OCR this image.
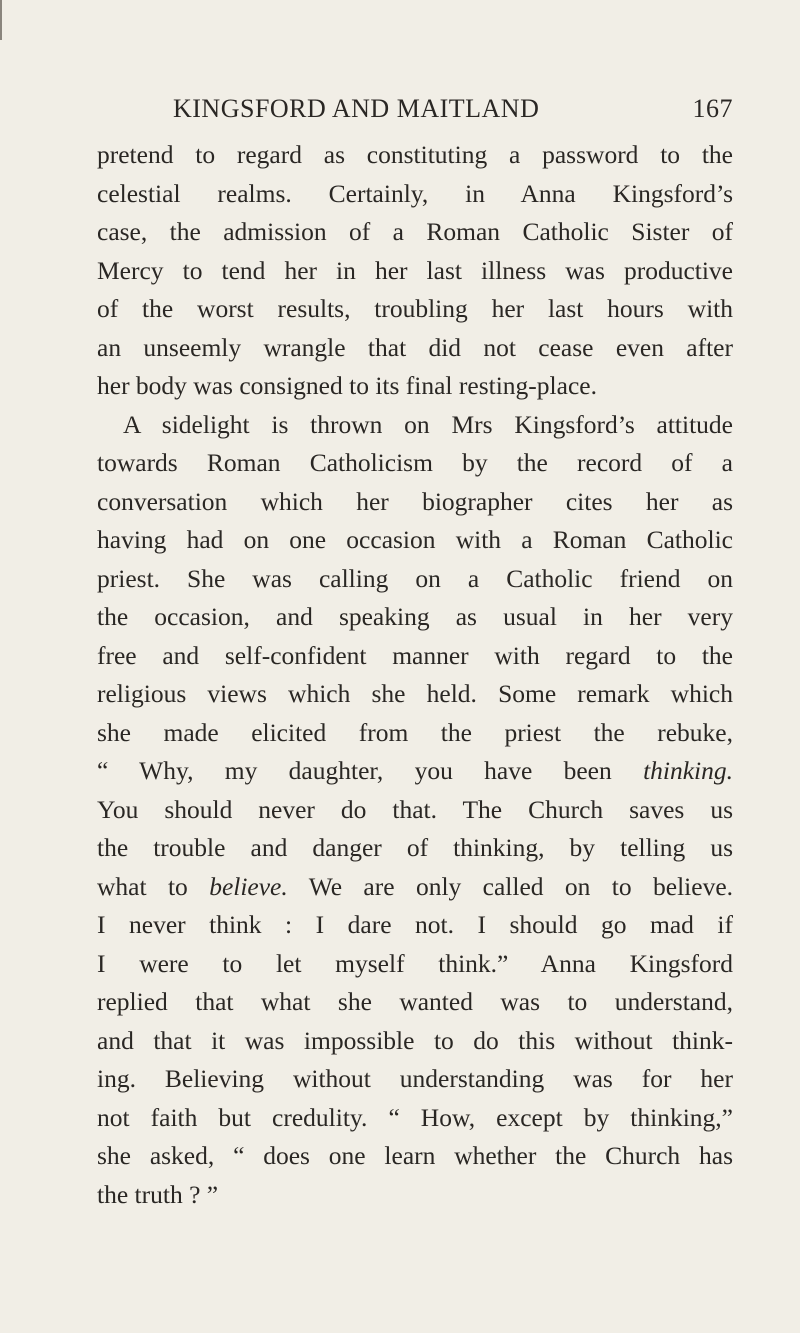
KINGSFORD AND MAITLAND	167
pretend to regard as constituting a password to the
celestial realms. Certainly, in Anna Kingsford’s
case, the admission of a Roman Catholic Sister of
Mercy to tend her in her last illness was productive
of the worst results, troubling her last hours with
an unseemly wrangle that did not cease even after
her body was consigned to its final resting-place.
A sidelight is thrown on Mrs Kingsford’s attitude
towards Roman Catholicism by the record of a
conversation which her biographer cites her as
having had on one occasion with a Roman Catholic
priest. She was calling on a Catholic friend on
the occasion, and speaking as usual in her very
free and self-confident manner with regard to the
religious views which she held. Some remark which
she made elicited from the priest the rebuke,
“ Why, my daughter, you have been thinking.
You should never do that. The Church saves us
the trouble and danger of thinking, by telling us
what to believe. We are only called on to believe.
I never think : I dare not. I should go mad if
I were to let myself think.” Anna Kingsford
replied that what she wanted was to understand,
and that it was impossible to do this without think-
ing. Believing without understanding was for her
not faith but credulity. “ How, except by thinking,”
she asked, “ does one learn whether the Church has
the truth ? ”
